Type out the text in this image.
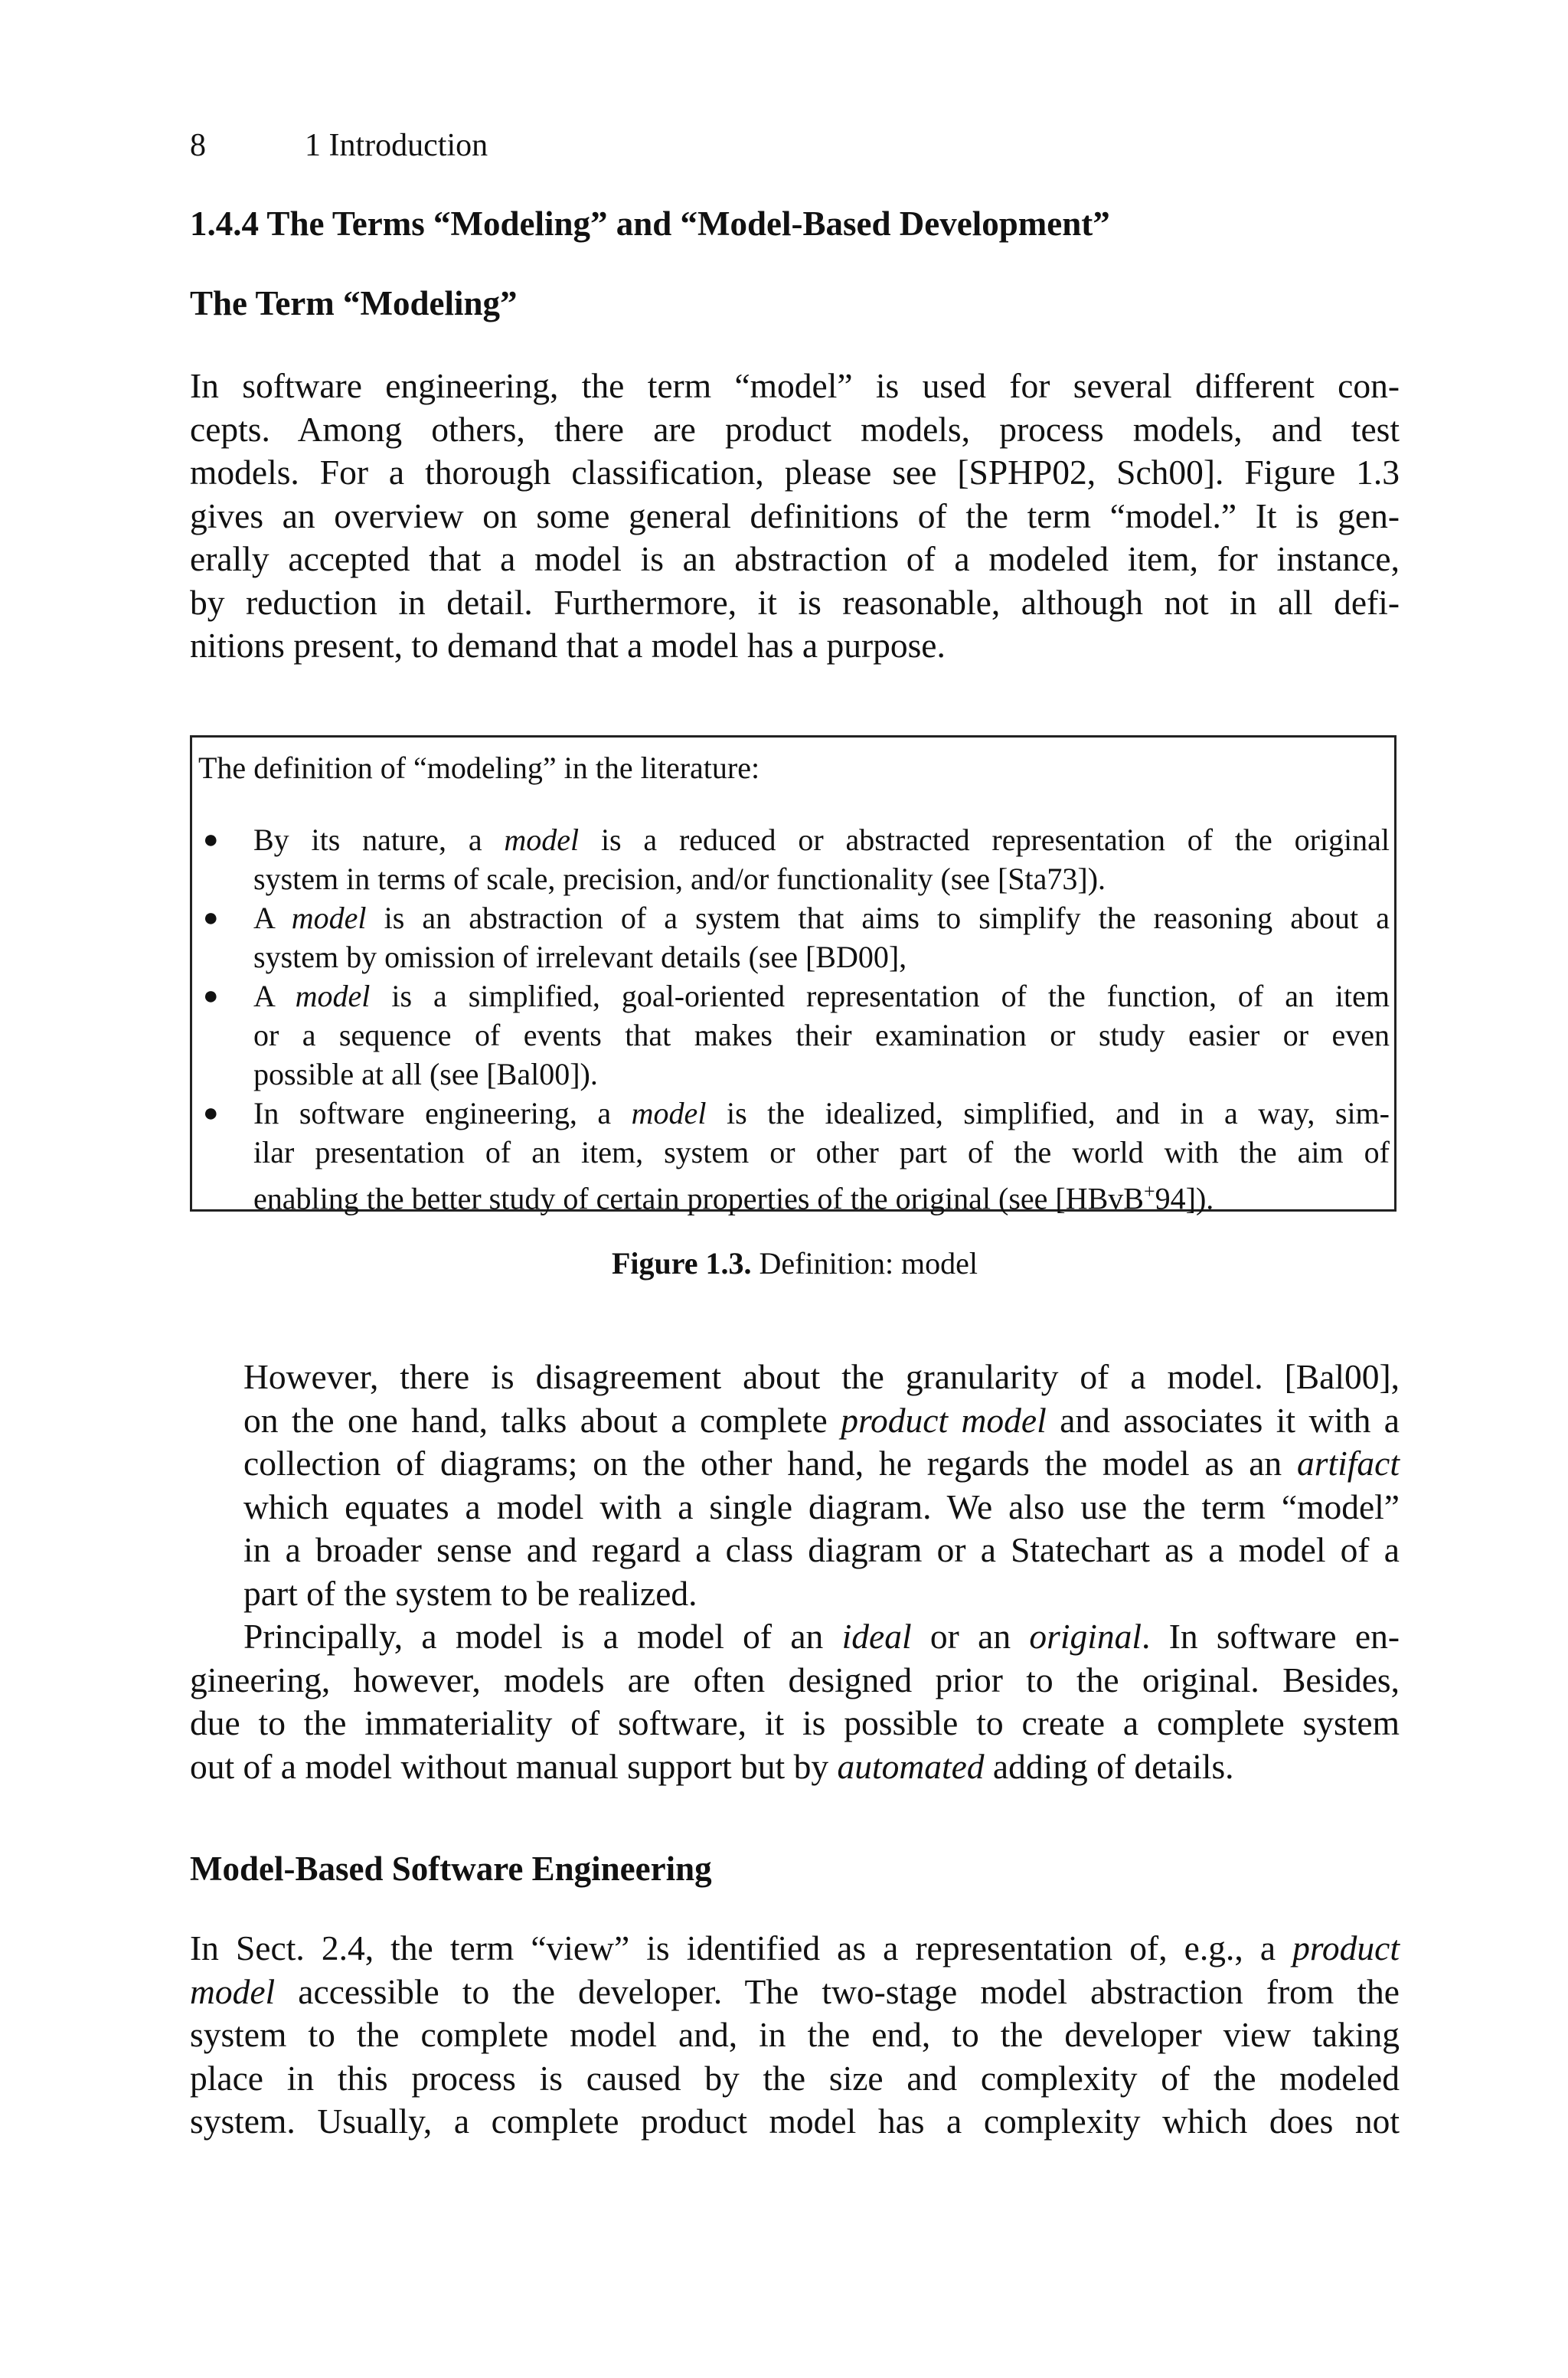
8	1 Introduction
1.4.4 The Terms “Modeling” and “Model-Based Development”
The Term “Modeling”

In software engineering, the term “model” is used for several different con-
cepts. Among others, there are product models, process models, and test
models. For a thorough classification, please see [SPHP02, Sch00]. Figure 1.3
gives an overview on some general definitions of the term “model.” It is gen-
erally accepted that a model is an abstraction of a modeled item, for instance,
by reduction in detail. Furthermore, it is reasonable, although not in all defi-
nitions present, to demand that a model has a purpose.

The definition of “modeling” in the literature:
● By its nature, a model is a reduced or abstracted representation of the original
system in terms of scale, precision, and/or functionality (see [Sta73]).
● A model is an abstraction of a system that aims to simplify the reasoning about a
system by omission of irrelevant details (see [BD00],
● A model is a simplified, goal-oriented representation of the function, of an item
or a sequence of events that makes their examination or study easier or even
possible at all (see [Bal00]).
● In software engineering, a model is the idealized, simplified, and in a way, sim-
ilar presentation of an item, system or other part of the world with the aim of
enabling the better study of certain properties of the original (see [HBvB+94]).
Figure 1.3. Definition: model

However, there is disagreement about the granularity of a model. [Bal00],
on the one hand, talks about a complete product model and associates it with a
collection of diagrams; on the other hand, he regards the model as an artifact
which equates a model with a single diagram. We also use the term “model”
in a broader sense and regard a class diagram or a Statechart as a model of a
part of the system to be realized.

Principally, a model is a model of an ideal or an original. In software en-
gineering, however, models are often designed prior to the original. Besides,
due to the immateriality of software, it is possible to create a complete system
out of a model without manual support but by automated adding of details.

Model-Based Software Engineering

In Sect. 2.4, the term “view” is identified as a representation of, e.g., a product
model accessible to the developer. The two-stage model abstraction from the
system to the complete model and, in the end, to the developer view taking
place in this process is caused by the size and complexity of the modeled
system. Usually, a complete product model has a complexity which does not
